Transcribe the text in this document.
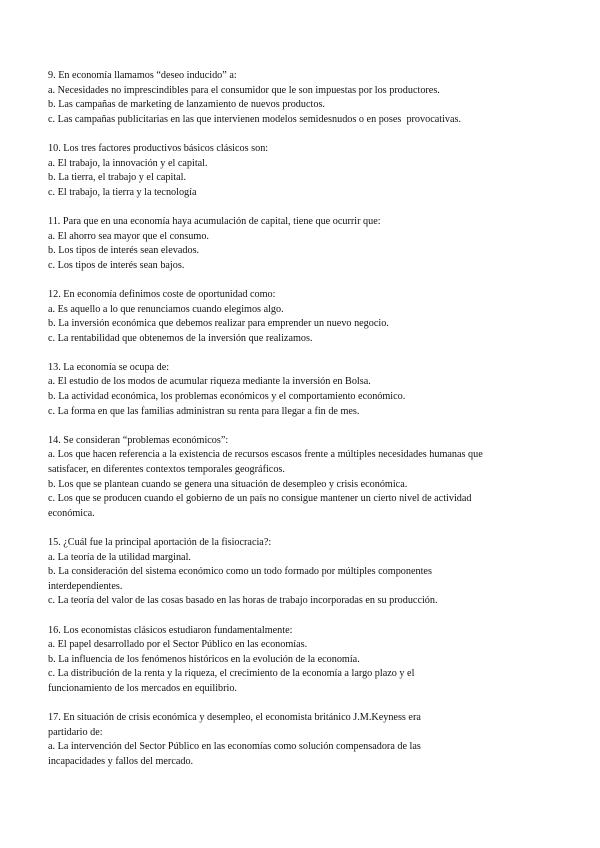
9. En economía llamamos “deseo inducido” a:
a. Necesidades no imprescindibles para el consumidor que le son impuestas por los productores.
b. Las campañas de marketing de lanzamiento de nuevos productos.
c. Las campañas publicitarias en las que intervienen modelos semidesnudos o en poses  provocativas.
10. Los tres factores productivos básicos clásicos son:
a. El trabajo, la innovación y el capital.
b. La tierra, el trabajo y el capital.
c. El trabajo, la tierra y la tecnología
11. Para que en una economía haya acumulación de capital, tiene que ocurrir que:
a. El ahorro sea mayor que el consumo.
b. Los tipos de interés sean elevados.
c. Los tipos de interés sean bajos.
12. En economía definimos coste de oportunidad como:
a. Es aquello a lo que renunciamos cuando elegimos algo.
b. La inversión económica que debemos realizar para emprender un nuevo negocio.
c. La rentabilidad que obtenemos de la inversión que realizamos.
13. La economía se ocupa de:
a. El estudio de los modos de acumular riqueza mediante la inversión en Bolsa.
b. La actividad económica, los problemas económicos y el comportamiento económico.
c. La forma en que las familias administran su renta para llegar a fin de mes.
14. Se consideran “problemas económicos”:
a. Los que hacen referencia a la existencia de recursos escasos frente a múltiples necesidades humanas que
satisfacer, en diferentes contextos temporales geográficos.
b. Los que se plantean cuando se genera una situación de desempleo y crisis económica.
c. Los que se producen cuando el gobierno de un país no consigue mantener un cierto nivel de actividad
económica.
15. ¿Cuál fue la principal aportación de la fisiocracia?:
a. La teoría de la utilidad marginal.
b. La consideración del sistema económico como un todo formado por múltiples componentes
interdependientes.
c. La teoría del valor de las cosas basado en las horas de trabajo incorporadas en su producción.
16. Los economistas clásicos estudiaron fundamentalmente:
a. El papel desarrollado por el Sector Público en las economías.
b. La influencia de los fenómenos históricos en la evolución de la economía.
c. La distribución de la renta y la riqueza, el crecimiento de la economía a largo plazo y el
funcionamiento de los mercados en equilibrio.
17. En situación de crisis económica y desempleo, el economista británico J.M.Keyness era
partidario de:
a. La intervención del Sector Público en las economías como solución compensadora de las
incapacidades y fallos del mercado.
